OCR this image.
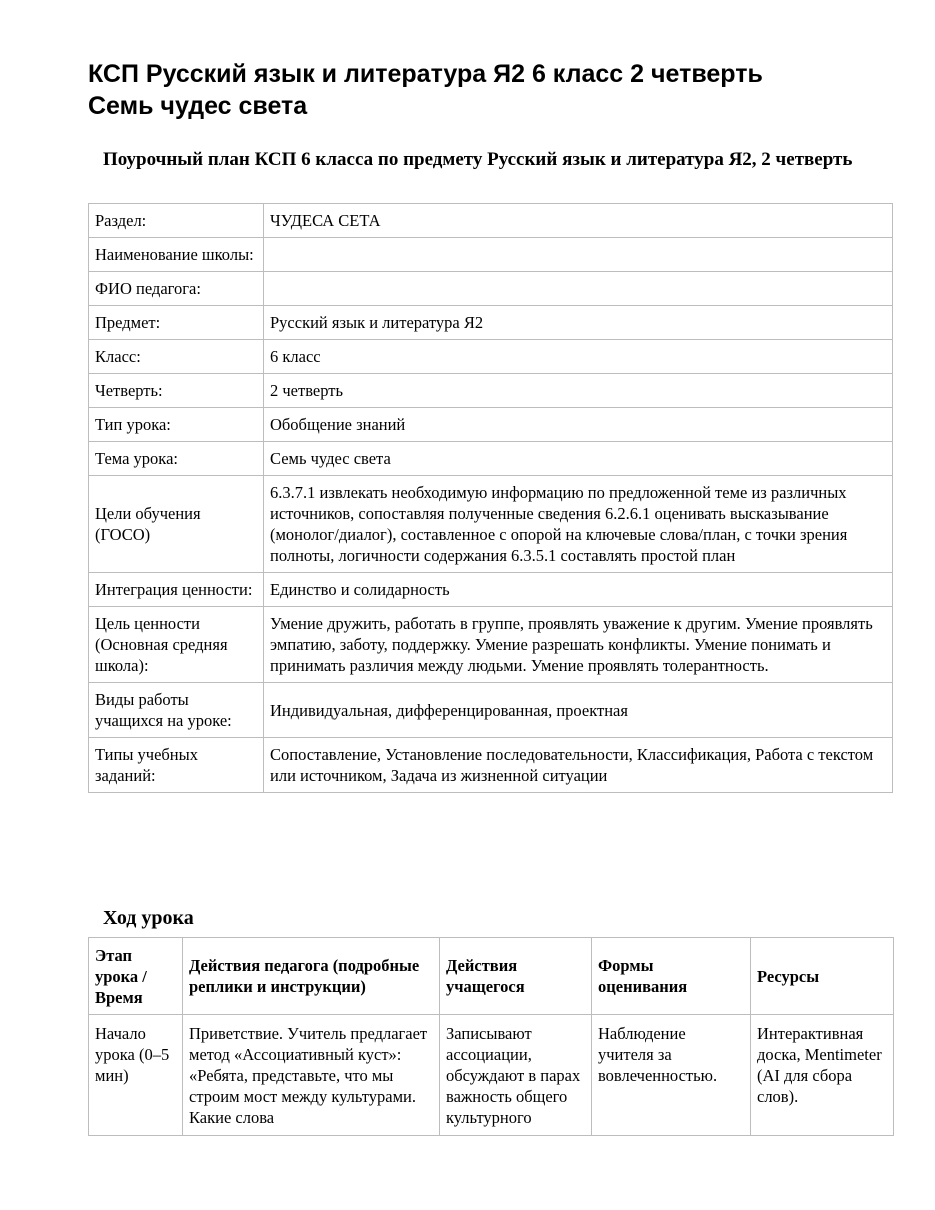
КСП Русский язык и литература Я2 6 класс 2 четверть
Семь чудес света
Поурочный план КСП 6 класса по предмету Русский язык и литература Я2, 2 четверть
Раздел:	ЧУДЕСА СЕТА
Наименование школы:	
ФИО педагога:	
Предмет:	Русский язык и литература Я2
Класс:	6 класс
Четверть:	2 четверть
Тип урока:	Обобщение знаний
Тема урока:	Семь чудес света
Цели обучения (ГОСО)	6.3.7.1 извлекать необходимую информацию по предложенной теме из различных источников, сопоставляя полученные сведения 6.2.6.1 оценивать высказывание (монолог/диалог), составленное с опорой на ключевые слова/план, с точки зрения полноты, логичности содержания 6.3.5.1 составлять простой план
Интеграция ценности:	Единство и солидарность
Цель ценности (Основная средняя школа):	Умение дружить, работать в группе, проявлять уважение к другим. Умение проявлять эмпатию, заботу, поддержку. Умение разрешать конфликты. Умение понимать и принимать различия между людьми. Умение проявлять толерантность.
Виды работы учащихся на уроке:	Индивидуальная, дифференцированная, проектная
Типы учебных заданий:	Сопоставление, Установление последовательности, Классификация, Работа с текстом или источником, Задача из жизненной ситуации
Ход урока
Этап урока / Время	Действия педагога (подробные реплики и инструкции)	Действия учащегося	Формы оценивания	Ресурсы
Начало урока (0–5 мин)	Приветствие. Учитель предлагает метод «Ассоциативный куст»: «Ребята, представьте, что мы строим мост между культурами. Какие слова	Записывают ассоциации, обсуждают в парах важность общего культурного	Наблюдение учителя за вовлеченностью.	Интерактивная доска, Mentimeter (AI для сбора слов).
